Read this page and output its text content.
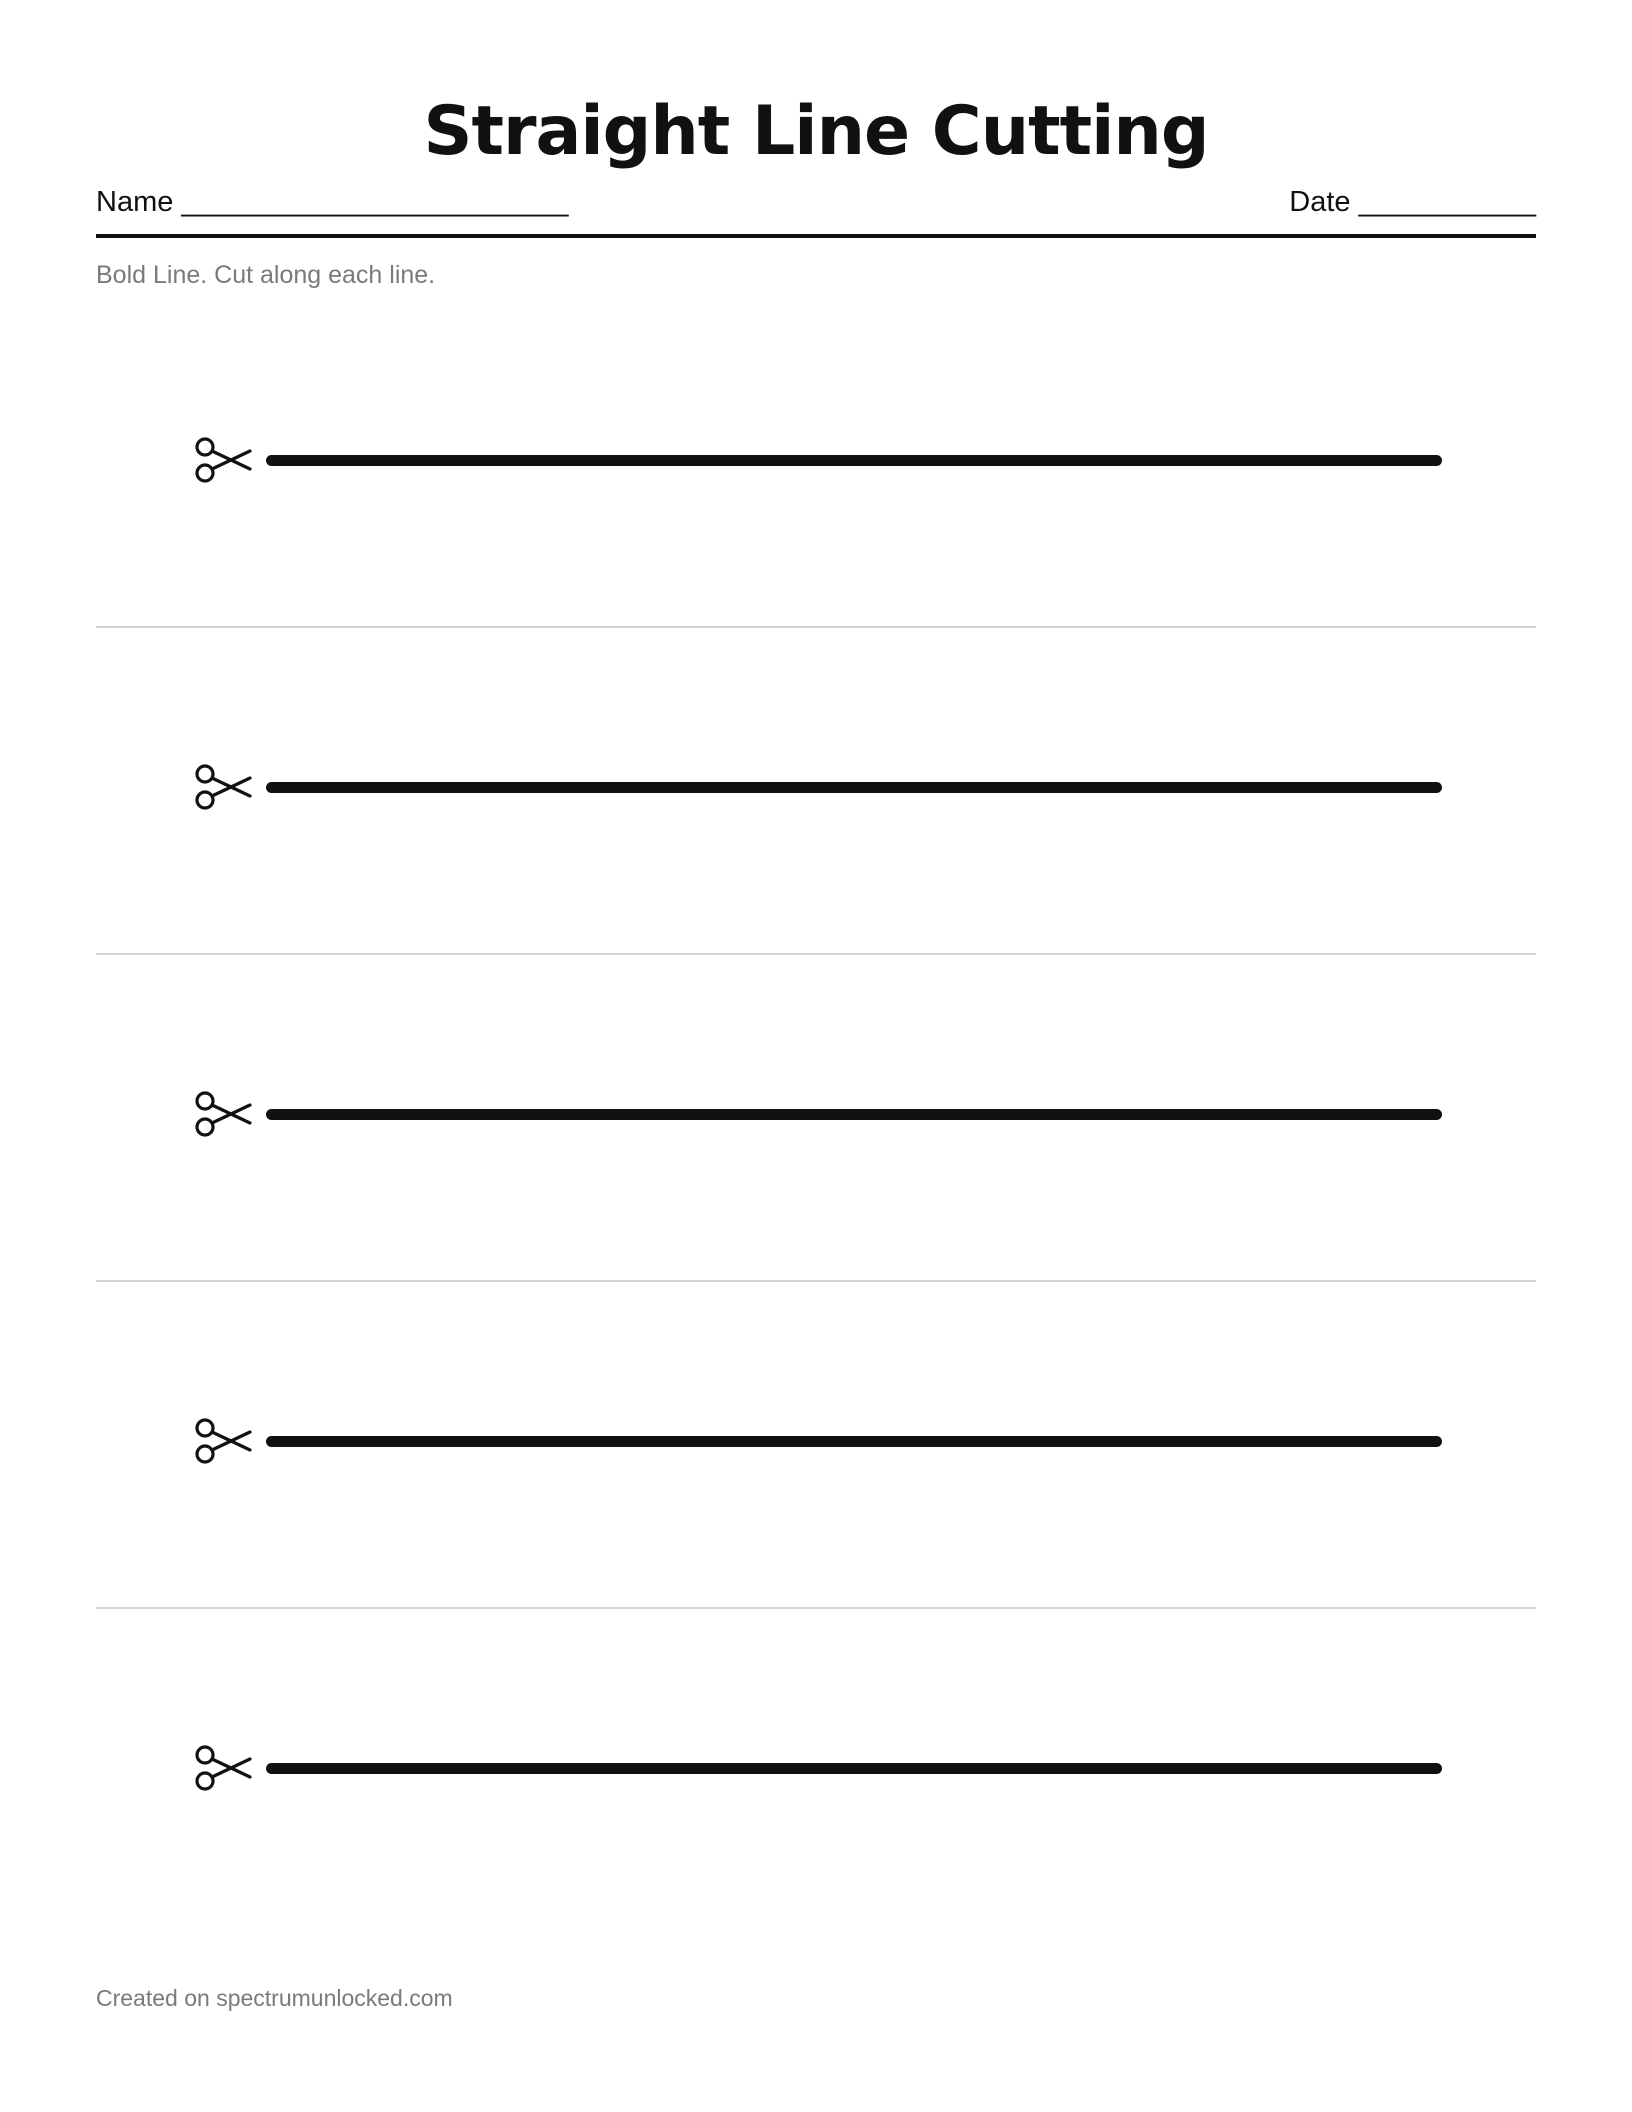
Straight Line Cutting
Name ________________________	Date ___________
Bold Line. Cut along each line.
Created on spectrumunlocked.com
